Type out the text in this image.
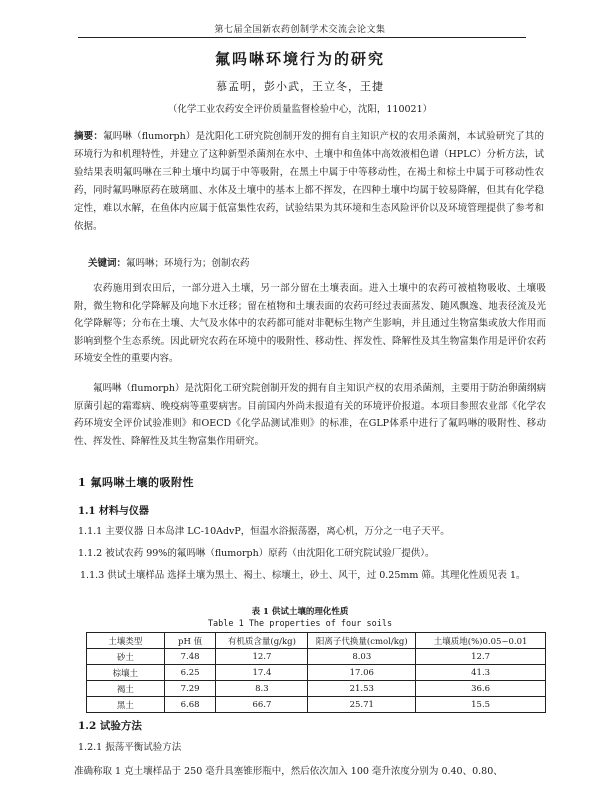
第七届全国新农药创制学术交流会论文集
氟吗啉环境行为的研究
慕孟明，彭小武，王立冬，王捷
（化学工业农药安全评价质量监督检验中心，沈阳，110021）
摘要：氟吗啉（flumorph）是沈阳化工研究院创制开发的拥有自主知识产权的农用杀菌剂，本试验研究了其的环境行为和机理特性，并建立了这种新型杀菌剂在水中、土壤中和鱼体中高效液相色谱（HPLC）分析方法，试验结果表明氟吗啉在三种土壤中均属于中等吸附，在黑土中属于中等移动性，在褐土和棕土中属于可移动性农药，同时氟吗啉原药在玻璃皿、水体及土壤中的基本上都不挥发，在四种土壤中均属于较易降解，但其有化学稳定性，难以水解，在鱼体内应属于低富集性农药，试验结果为其环境和生态风险评价以及环境管理提供了参考和依据。
关键词：氟吗啉；环境行为；创制农药
农药施用到农田后，一部分进入土壤，另一部分留在土壤表面。进入土壤中的农药可被植物吸收、土壤吸附，微生物和化学降解及向地下水迁移；留在植物和土壤表面的农药可经过表面蒸发、随风飘逸、地表径流及光化学降解等；分布在土壤、大气及水体中的农药都可能对非靶标生物产生影响，并且通过生物富集或放大作用而影响到整个生态系统。因此研究农药在环境中的吸附性、移动性、挥发性、降解性及其生物富集作用是评价农药环境安全性的重要内容。
氟吗啉（flumorph）是沈阳化工研究院创制开发的拥有自主知识产权的农用杀菌剂，主要用于防治卵菌纲病原菌引起的霜霉病、晚疫病等重要病害。目前国内外尚未报道有关的环境评价报道。本项目参照农业部《化学农药环境安全评价试验准则》和OECD《化学品测试准则》的标准，在GLP体系中进行了氟吗啉的吸附性、移动性、挥发性、降解性及其生物富集作用研究。
1 氟吗啉土壤的吸附性
1.1 材料与仪器
1.1.1 主要仪器 日本岛津 LC-10AdvP，恒温水浴振荡器，离心机，万分之一电子天平。
1.1.2 被试农药 99%的氟吗啉（flumorph）原药（由沈阳化工研究院试验厂提供）。
1.1.3 供试土壤样品 选择土壤为黑土、褐土、棕壤土，砂土、风干，过 0.25mm 筛。其理化性质见表 1。
表 1 供试土壤的理化性质
Table 1 The properties of four soils
土壤类型	pH 值	有机质含量(g/kg)	阳离子代换量(cmol/kg)	土壤质地(%)0.05~0.01
砂土	7.48	12.7	8.03	12.7
棕壤土	6.25	17.4	17.06	41.3
褐土	7.29	8.3	21.53	36.6
黑土	6.68	66.7	25.71	15.5
1.2 试验方法
1.2.1 振荡平衡试验方法
准确称取 1 克土壤样品于 250 毫升具塞锥形瓶中，然后依次加入 100 毫升浓度分别为 0.40、0.80、
